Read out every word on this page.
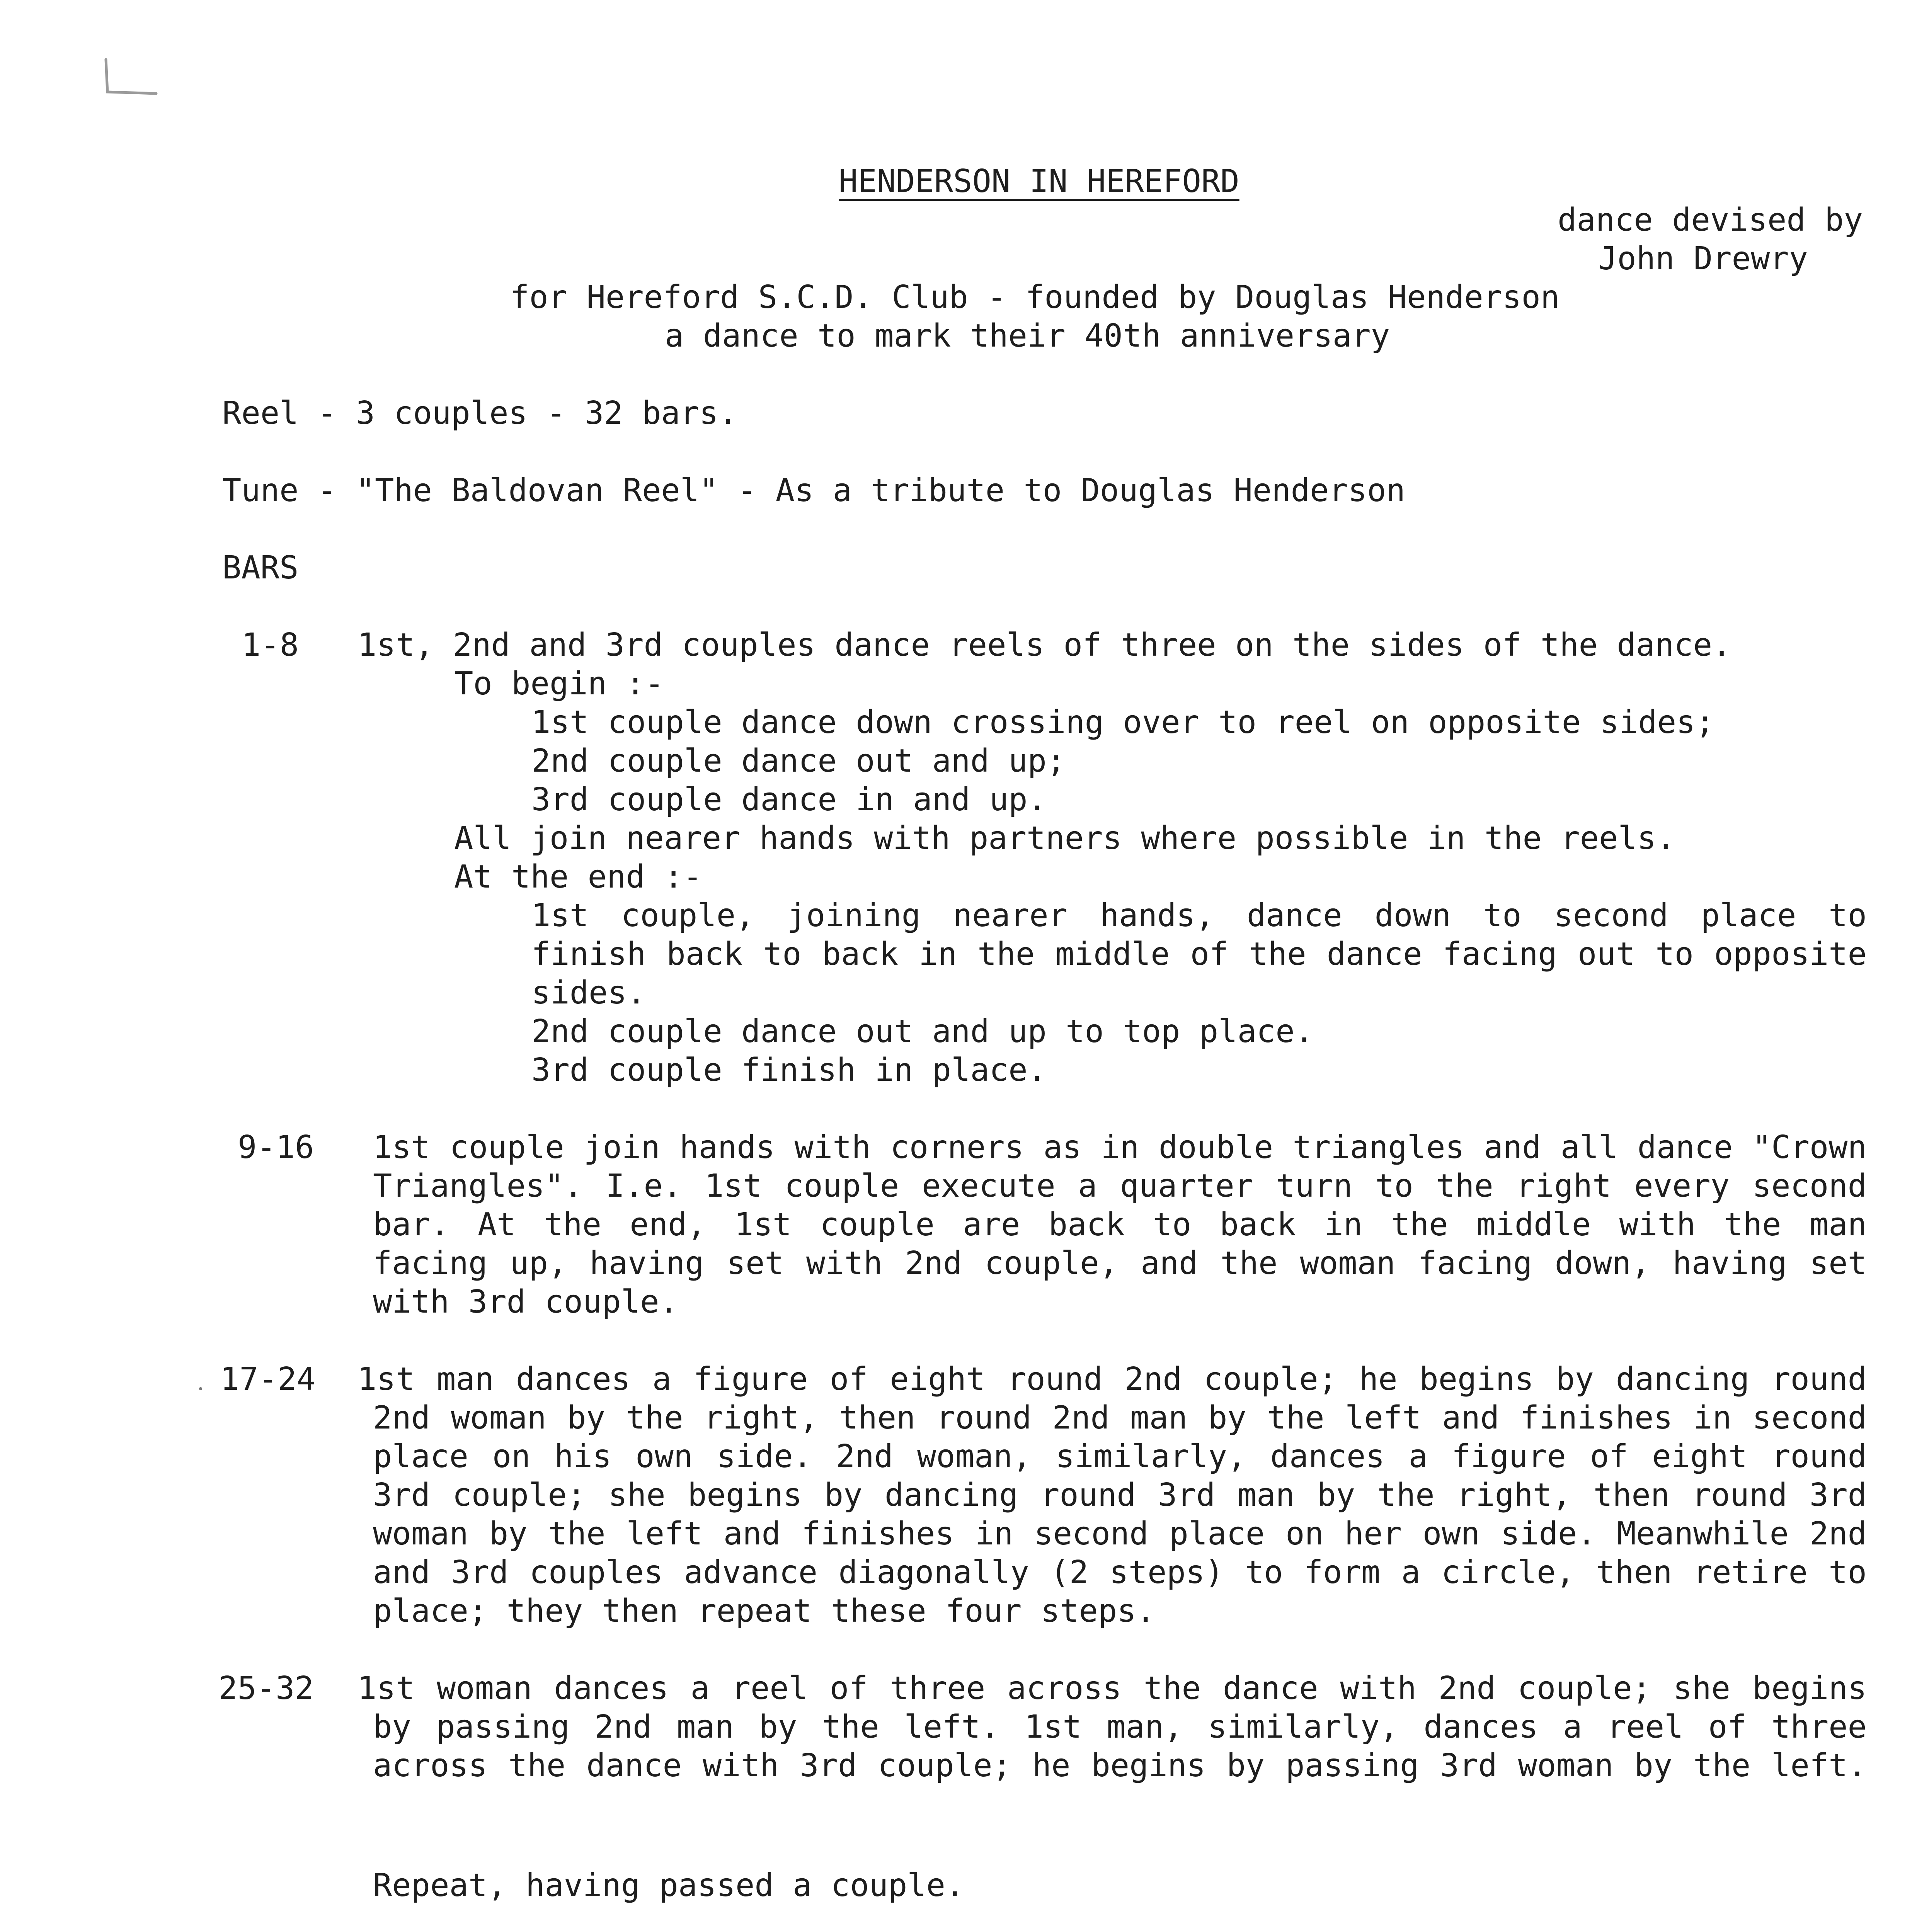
HENDERSON IN HEREFORD
dance devised by
John Drewry
for Hereford S.C.D. Club - founded by Douglas Henderson
a dance to mark their 40th anniversary
Reel - 3 couples - 32 bars.
Tune - "The Baldovan Reel" - As a tribute to Douglas Henderson
BARS
1-8 1st, 2nd and 3rd couples dance reels of three on the sides of the dance.
To begin :-
1st couple dance down crossing over to reel on opposite sides;
2nd couple dance out and up;
3rd couple dance in and up.
All join nearer hands with partners where possible in the reels.
At the end :-
1st couple, joining nearer hands, dance down to second place to
finish back to back in the middle of the dance facing out to opposite
sides.
2nd couple dance out and up to top place.
3rd couple finish in place.
9-16 1st couple join hands with corners as in double triangles and all dance "Crown
Triangles". I.e. 1st couple execute a quarter turn to the right every second
bar. At the end, 1st couple are back to back in the middle with the man
facing up, having set with 2nd couple, and the woman facing down, having set
with 3rd couple.
17-24 1st man dances a figure of eight round 2nd couple; he begins by dancing round
2nd woman by the right, then round 2nd man by the left and finishes in second
place on his own side. 2nd woman, similarly, dances a figure of eight round
3rd couple; she begins by dancing round 3rd man by the right, then round 3rd
woman by the left and finishes in second place on her own side. Meanwhile 2nd
and 3rd couples advance diagonally (2 steps) to form a circle, then retire to
place; they then repeat these four steps.
25-32 1st woman dances a reel of three across the dance with 2nd couple; she begins
by passing 2nd man by the left. 1st man, similarly, dances a reel of three
across the dance with 3rd couple; he begins by passing 3rd woman by the left.
Repeat, having passed a couple.
